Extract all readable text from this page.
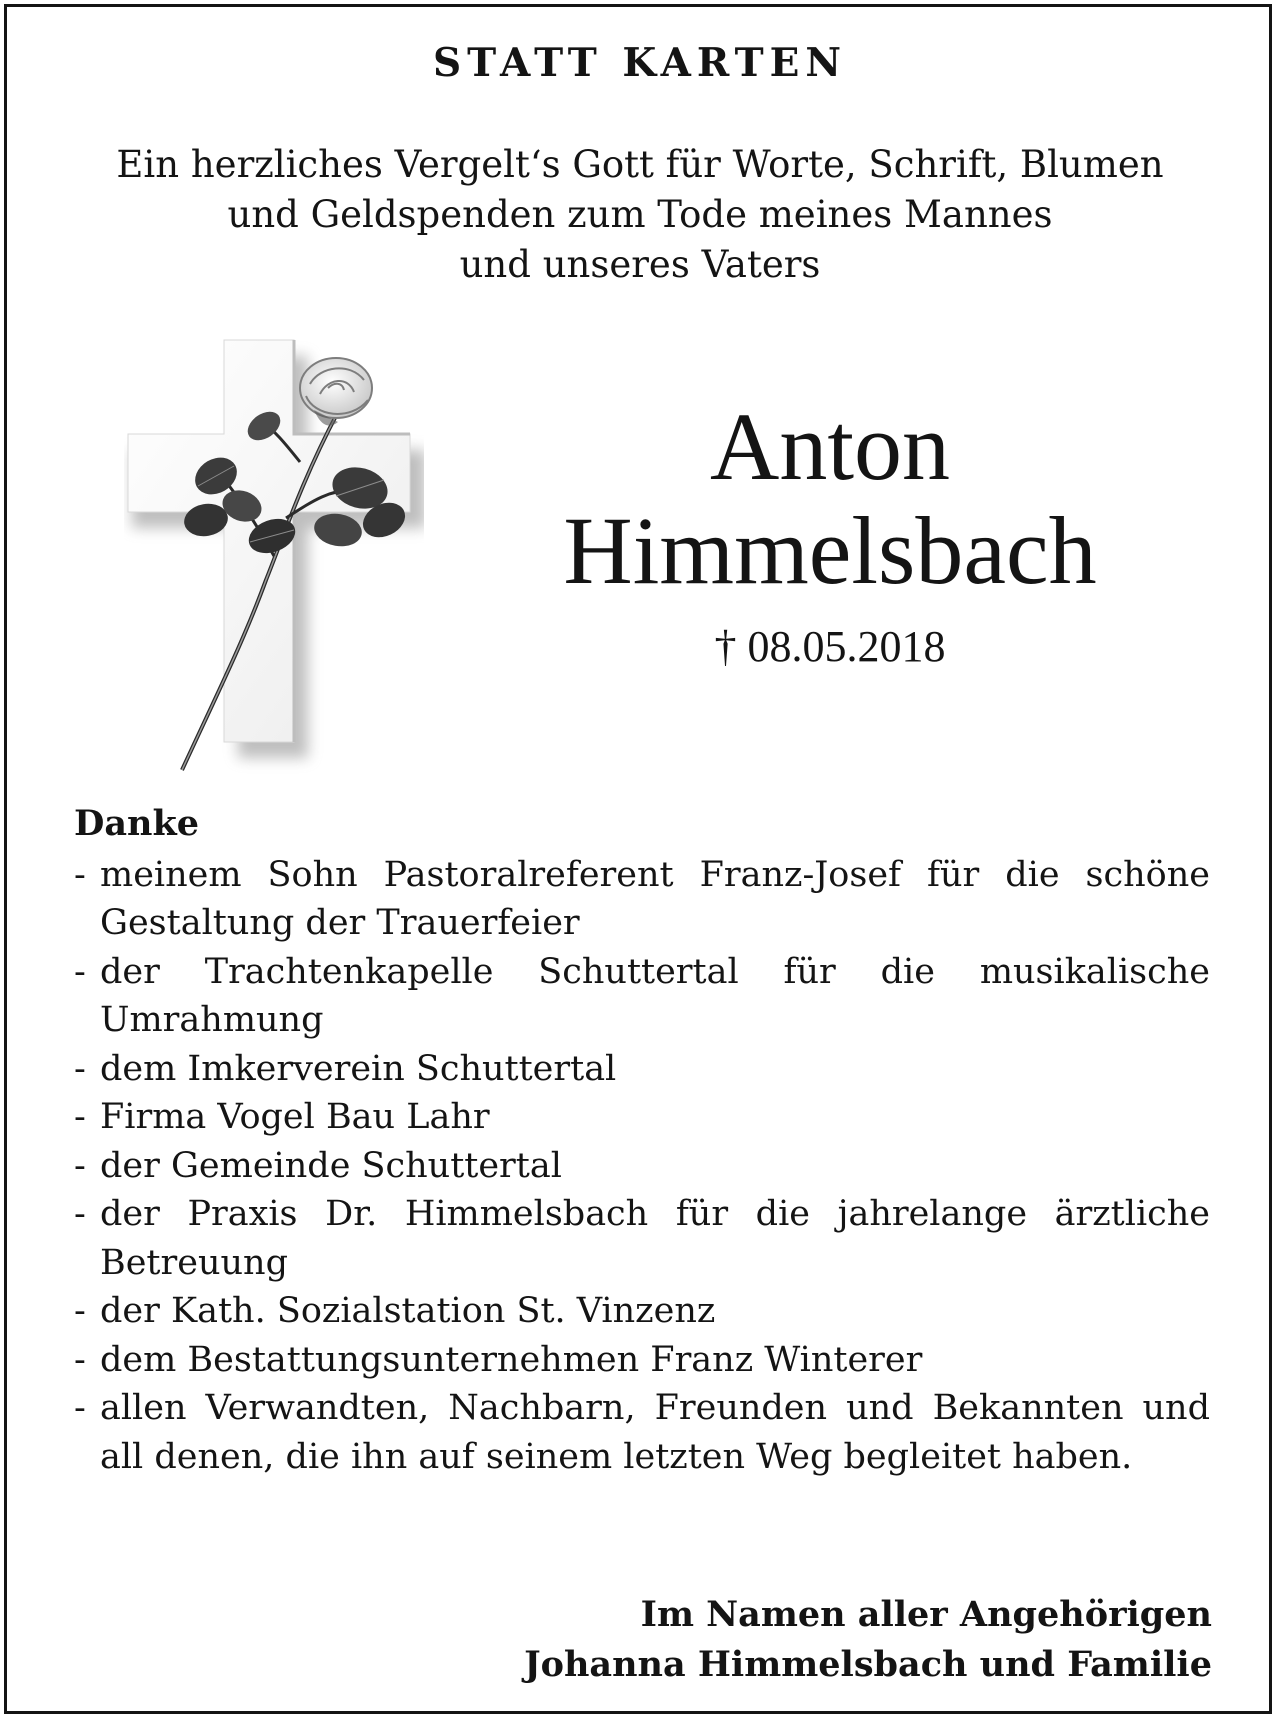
STATT KARTEN
Ein herzliches Vergelt‘s Gott für Worte, Schrift, Blumen
und Geldspenden zum Tode meines Mannes
und unseres Vaters
Anton
Himmelsbach
† 08.05.2018
Danke
- meinem Sohn Pastoralreferent Franz-Josef für die schöne Gestaltung der Trauerfeier
- der Trachtenkapelle Schuttertal für die musikalische Umrahmung
- dem Imkerverein Schuttertal
- Firma Vogel Bau Lahr
- der Gemeinde Schuttertal
- der Praxis Dr. Himmelsbach für die jahrelange ärztliche Betreuung
- der Kath. Sozialstation St. Vinzenz
- dem Bestattungsunternehmen Franz Winterer
- allen Verwandten, Nachbarn, Freunden und Bekannten und all denen, die ihn auf seinem letzten Weg begleitet haben.
Im Namen aller Angehörigen
Johanna Himmelsbach und Familie
